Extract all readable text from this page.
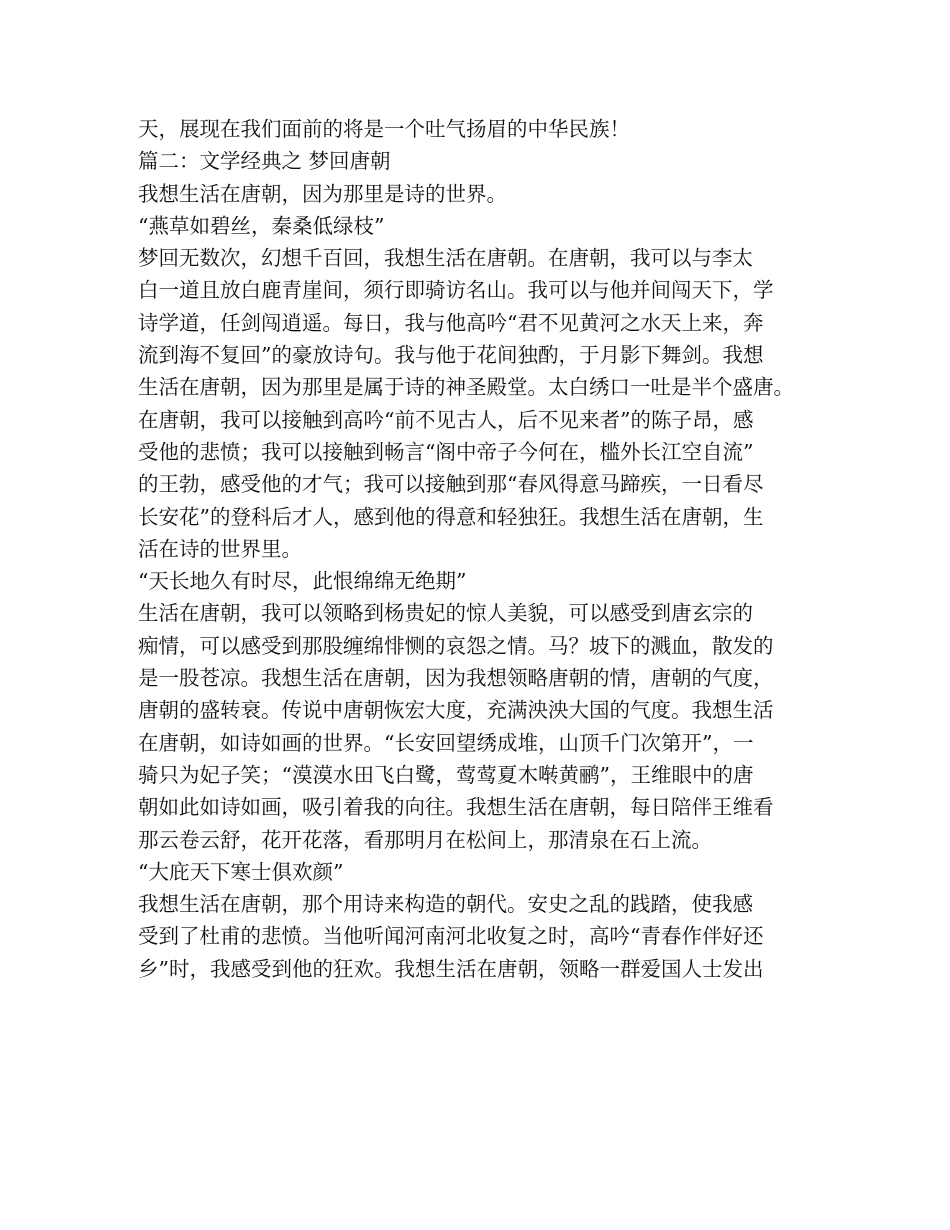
天，展现在我们面前的将是一个吐气扬眉的中华民族！
篇二：文学经典之 梦回唐朝
我想生活在唐朝，因为那里是诗的世界。
“燕草如碧丝，秦桑低绿枝”
梦回无数次，幻想千百回，我想生活在唐朝。在唐朝，我可以与李太
白一道且放白鹿青崖间，须行即骑访名山。我可以与他并间闯天下，学
诗学道，任剑闯逍遥。每日，我与他高吟“君不见黄河之水天上来，奔
流到海不复回”的豪放诗句。我与他于花间独酌，于月影下舞剑。我想
生活在唐朝，因为那里是属于诗的神圣殿堂。太白绣口一吐是半个盛唐。
在唐朝，我可以接触到高吟“前不见古人，后不见来者”的陈子昂，感
受他的悲愤；我可以接触到畅言“阁中帝子今何在，槛外长江空自流”
的王勃，感受他的才气；我可以接触到那“春风得意马蹄疾，一日看尽
长安花”的登科后才人，感到他的得意和轻独狂。我想生活在唐朝，生
活在诗的世界里。
“天长地久有时尽，此恨绵绵无绝期”
生活在唐朝，我可以领略到杨贵妃的惊人美貌，可以感受到唐玄宗的
痴情，可以感受到那股缠绵悱恻的哀怨之情。马？坡下的溅血，散发的
是一股苍凉。我想生活在唐朝，因为我想领略唐朝的情，唐朝的气度，
唐朝的盛转衰。传说中唐朝恢宏大度，充满泱泱大国的气度。我想生活
在唐朝，如诗如画的世界。“长安回望绣成堆，山顶千门次第开”，一
骑只为妃子笑；“漠漠水田飞白鹭，莺莺夏木啭黄鹂”，王维眼中的唐
朝如此如诗如画，吸引着我的向往。我想生活在唐朝，每日陪伴王维看
那云卷云舒，花开花落，看那明月在松间上，那清泉在石上流。
“大庇天下寒士俱欢颜”
我想生活在唐朝，那个用诗来构造的朝代。安史之乱的践踏，使我感
受到了杜甫的悲愤。当他听闻河南河北收复之时，高吟“青春作伴好还
乡”时，我感受到他的狂欢。我想生活在唐朝，领略一群爱国人士发出
